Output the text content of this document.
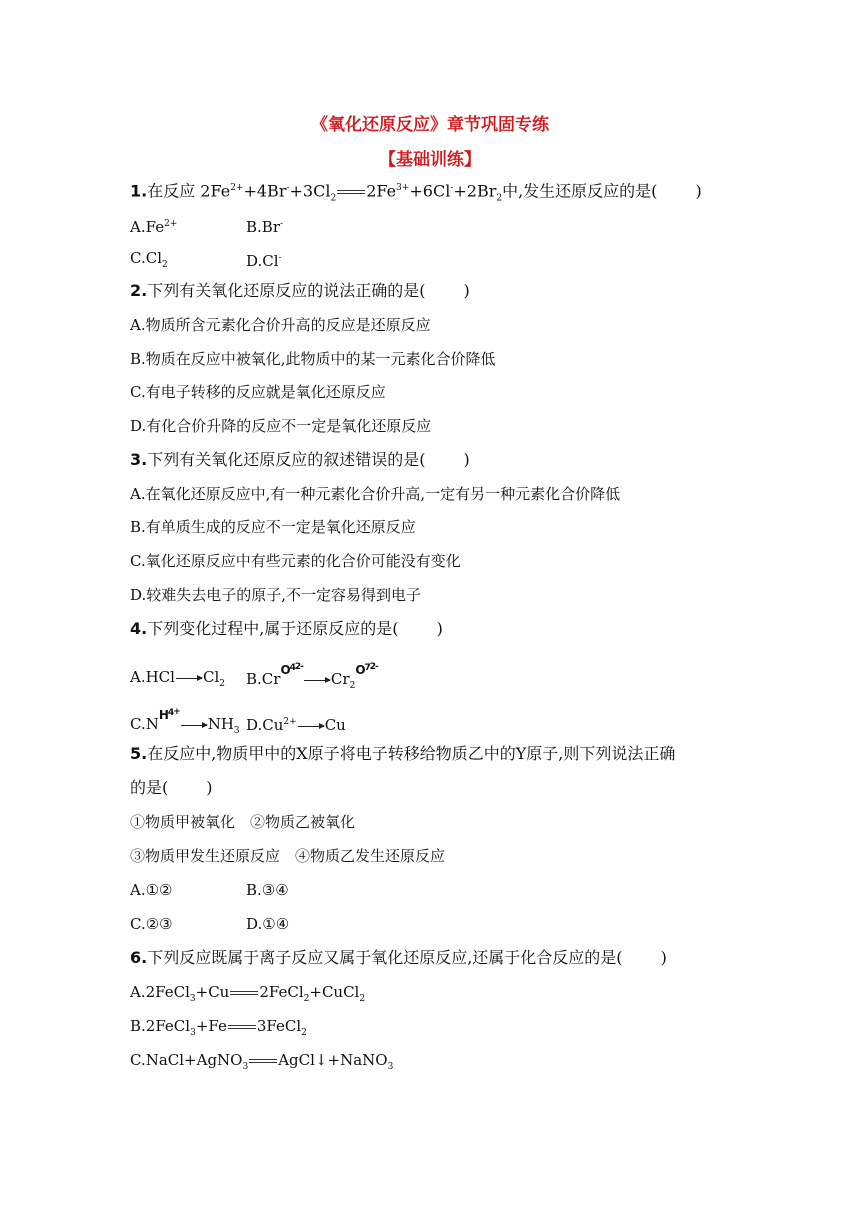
《氧化还原反应》章节巩固专练
【基础训练】
1.在反应 $2Fe^{2+}+4Br^-+3Cl_2$ $2Fe^{3+}+6Cl^-+2Br_2$中,发生还原反应的是( )
$A.Fe^{2+}$	B.Br-
$C.Cl_2$	D.Cl-
2.下列有关氧化还原反应的说法正确的是( )
A.物质所含元素化合价升高的反应是还原反应
B.物质在反应中被氧化,此物质中的某一元素化合价降低
C.有电子转移的反应就是氧化还原反应
D.有化合价升降的反应不一定是氧化还原反应
3.下列有关氧化还原反应的叙述错误的是( )
A.在氧化还原反应中,有一种元素化合价升高,一定有另一种元素化合价降低
B.有单质生成的反应不一定是氧化还原反应
C.氧化还原反应中有些元素的化合价可能没有变化
D.较难失去电子的原子,不一定容易得到电子
4.下列变化过程中,属于还原反应的是( )
A.HCl $Cl_2$ $B.Cr^{O^{42-}}Cr_2^{O^{72-}}$
$C.N^{H^{4+}}NH_3$ $D.Cu^{2+}$ Cu
5.在反应中,物质甲中的X原子将电子转移给物质乙中的Y原子,则下列说法正确
的是( )
①物质甲被氧化　②物质乙被氧化
③物质甲发生还原反应　④物质乙发生还原反应
A.①②	B.③④
C.②③	D.①④
6.下列反应既属于离子反应又属于氧化还原反应,还属于化合反应的是( )
A.2FeCl$_3$+Cu 2FeCl$_2$+CuCl$_2$
B.2FeCl$_3$+Fe 3FeCl$_2$
C.NaCl+AgNO$_3$ AgCl↓+NaNO$_3$
